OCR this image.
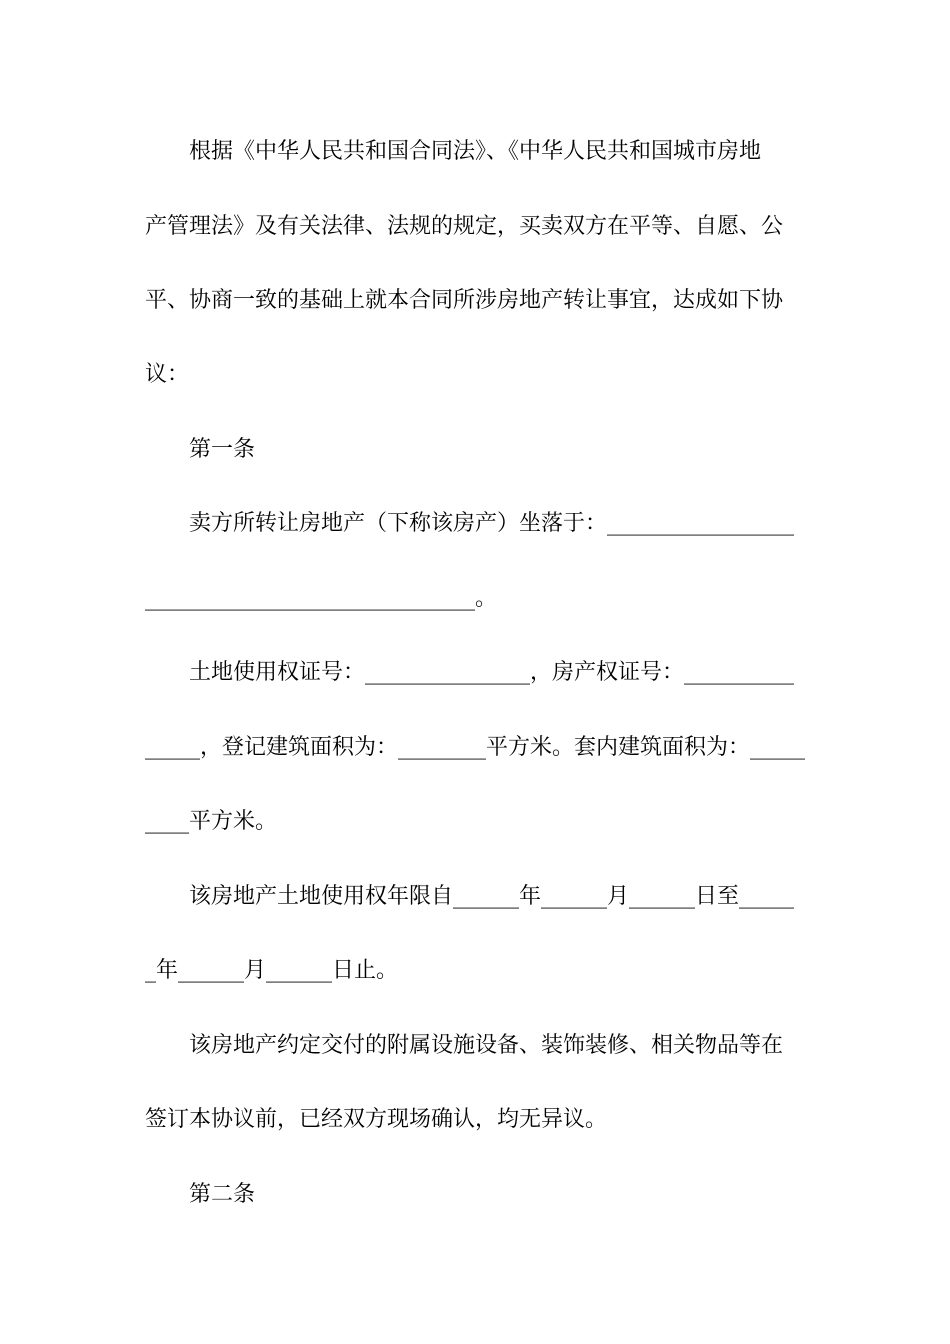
根据《中华人民共和国合同法》、《中华人民共和国城市房地
产管理法》及有关法律、法规的规定，买卖双方在平等、自愿、公
平、协商一致的基础上就本合同所涉房地产转让事宜，达成如下协
议：
第一条
卖方所转让房地产（下称该房产）坐落于：_________________
______________________________。
土地使用权证号：_______________，房产权证号：__________
_____，登记建筑面积为：________平方米。套内建筑面积为：_____
____平方米。
该房地产土地使用权年限自______年______月______日至_____
_年______月______日止。
该房地产约定交付的附属设施设备、装饰装修、相关物品等在
签订本协议前，已经双方现场确认，均无异议。
第二条
